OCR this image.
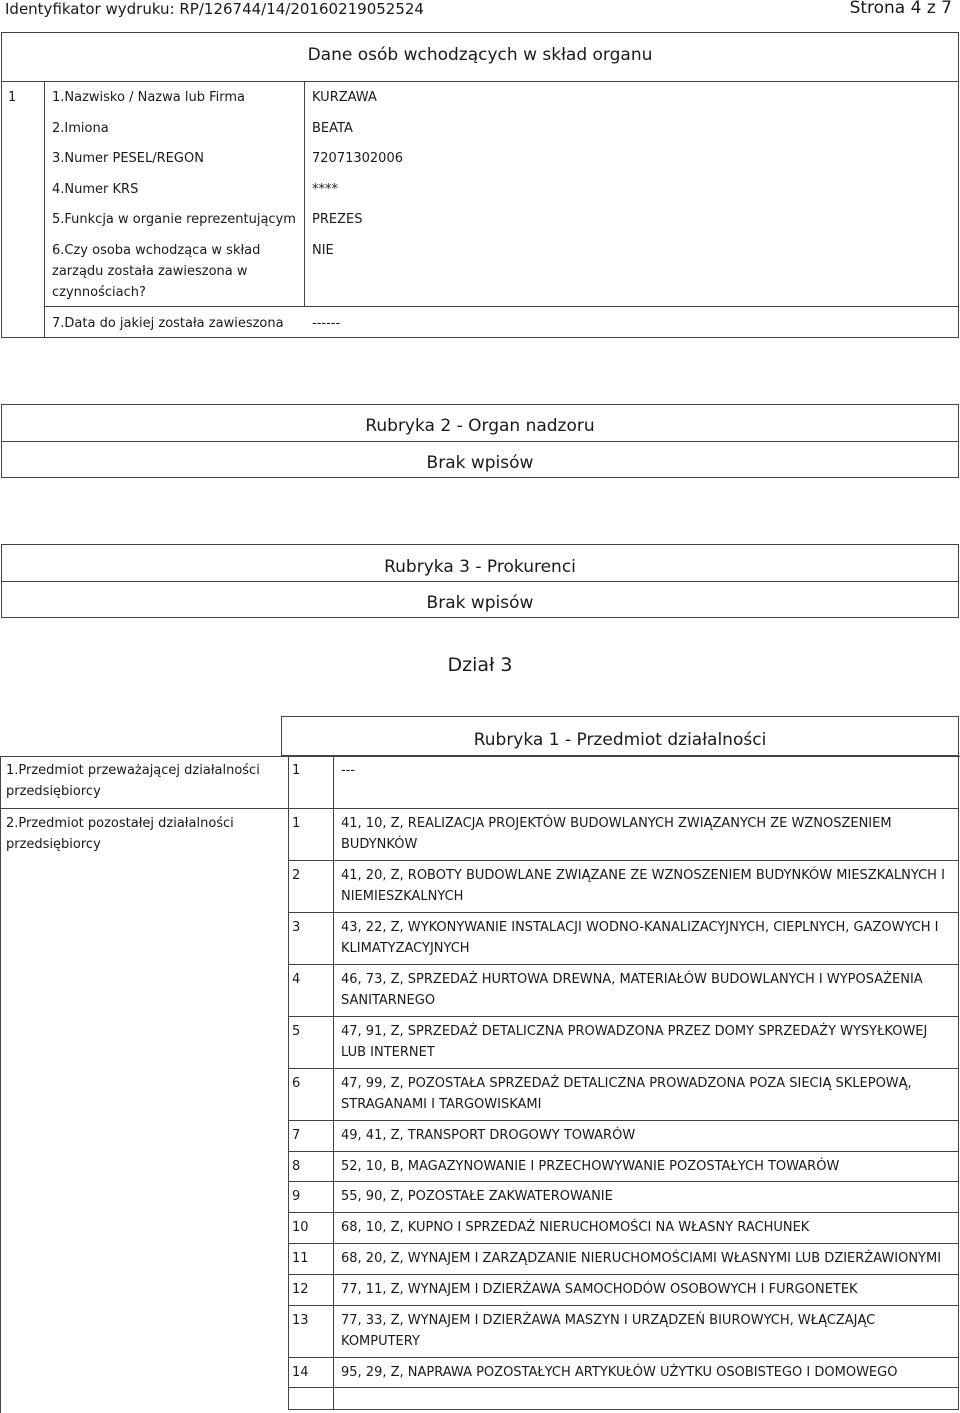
Identyfikator wydruku: RP/126744/14/20160219052524	Strona 4 z 7
Dane osób wchodzących w skład organu
1	1.Nazwisko / Nazwa lub Firma	KURZAWA
2.Imiona	BEATA
3.Numer PESEL/REGON	72071302006
4.Numer KRS	****
5.Funkcja w organie reprezentującym	PREZES
6.Czy osoba wchodząca w skład zarządu została zawieszona w czynnościach?
NIE
7.Data do jakiej została zawieszona	------
Rubryka 2 - Organ nadzoru
Brak wpisów
Rubryka 3 - Prokurenci
Brak wpisów
Dział 3
Rubryka 1 - Przedmiot działalności
1.Przedmiot przeważającej działalności przedsiębiorcy
1	---
2.Przedmiot pozostałej działalności przedsiębiorcy
1	41, 10, Z, REALIZACJA PROJEKTÓW BUDOWLANYCH ZWIĄZANYCH ZE WZNOSZENIEM BUDYNKÓW
2	41, 20, Z, ROBOTY BUDOWLANE ZWIĄZANE ZE WZNOSZENIEM BUDYNKÓW MIESZKALNYCH I NIEMIESZKALNYCH
3	43, 22, Z, WYKONYWANIE INSTALACJI WODNO-KANALIZACYJNYCH, CIEPLNYCH, GAZOWYCH I KLIMATYZACYJNYCH
4	46, 73, Z, SPRZEDAŻ HURTOWA DREWNA, MATERIAŁÓW BUDOWLANYCH I WYPOSAŻENIA SANITARNEGO
5	47, 91, Z, SPRZEDAŻ DETALICZNA PROWADZONA PRZEZ DOMY SPRZEDAŻY WYSYŁKOWEJ LUB INTERNET
6	47, 99, Z, POZOSTAŁA SPRZEDAŻ DETALICZNA PROWADZONA POZA SIECIĄ SKLEPOWĄ, STRAGANAMI I TARGOWISKAMI
7	49, 41, Z, TRANSPORT DROGOWY TOWARÓW
8	52, 10, B, MAGAZYNOWANIE I PRZECHOWYWANIE POZOSTAŁYCH TOWARÓW
9	55, 90, Z, POZOSTAŁE ZAKWATEROWANIE
10 68, 10, Z, KUPNO I SPRZEDAŻ NIERUCHOMOŚCI NA WŁASNY RACHUNEK
11 68, 20, Z, WYNAJEM I ZARZĄDZANIE NIERUCHOMOŚCIAMI WŁASNYMI LUB DZIERŻAWIONYMI
12 77, 11, Z, WYNAJEM I DZIERŻAWA SAMOCHODÓW OSOBOWYCH I FURGONETEK
13 77, 33, Z, WYNAJEM I DZIERŻAWA MASZYN I URZĄDZEŃ BIUROWYCH, WŁĄCZAJĄC KOMPUTERY
14 95, 29, Z, NAPRAWA POZOSTAŁYCH ARTYKUŁÓW UŻYTKU OSOBISTEGO I DOMOWEGO
